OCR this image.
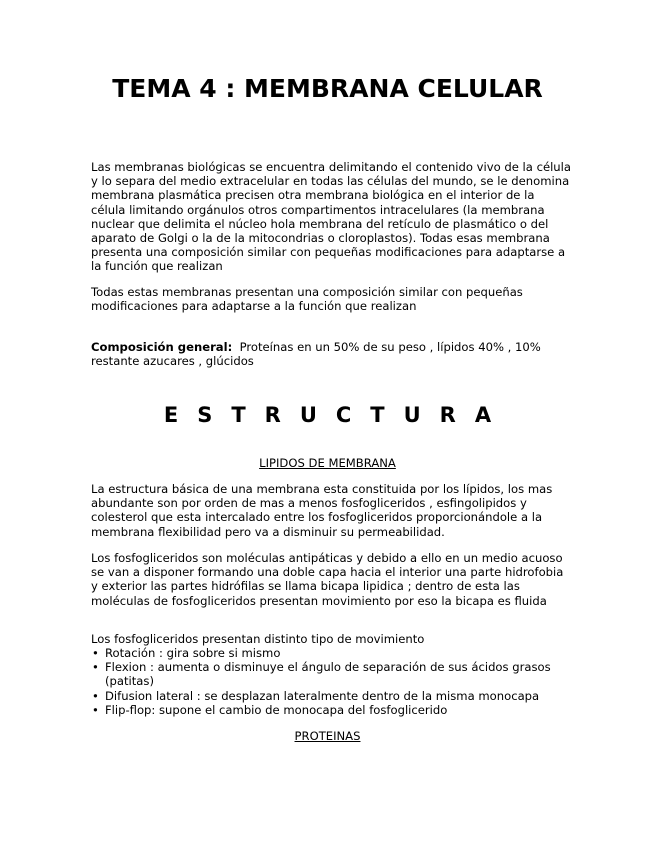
TEMA 4 : MEMBRANA CELULAR
Las membranas biológicas se encuentra delimitando el contenido vivo de la célula y lo separa del medio extracelular en todas las células del mundo, se le denomina membrana plasmática precisen otra membrana biológica en el interior de la célula limitando orgánulos otros compartimentos intracelulares (la membrana nuclear que delimita el núcleo hola membrana del retículo de plasmático o del aparato de Golgi o la de la mitocondrias o cloroplastos). Todas esas membrana presenta una composición similar con pequeñas modificaciones para adaptarse a la función que realizan
Todas estas membranas presentan una composición similar con pequeñas modificaciones para adaptarse a la función que realizan
Composición general: Proteínas en un 50% de su peso , lípidos 40% , 10% restante azucares , glúcidos
ESTRUCTURA
LIPIDOS DE MEMBRANA
La estructura básica de una membrana esta constituida por los lípidos, los mas abundante son por orden de mas a menos fosfogliceridos , esfingolipidos y colesterol que esta intercalado entre los fosfogliceridos proporcionándole a la membrana flexibilidad pero va a disminuir su permeabilidad.
Los fosfogliceridos son moléculas antipáticas y debido a ello en un medio acuoso se van a disponer formando una doble capa hacia el interior una parte hidrofobia y exterior las partes hidrófilas se llama bicapa lipidica ; dentro de esta las moléculas de fosfogliceridos presentan movimiento por eso la bicapa es fluida
Los fosfogliceridos presentan distinto tipo de movimiento
• Rotación : gira sobre si mismo
• Flexion : aumenta o disminuye el ángulo de separación de sus ácidos grasos (patitas)
• Difusion lateral : se desplazan lateralmente dentro de la misma monocapa
• Flip-flop: supone el cambio de monocapa del fosfoglicerido
PROTEINAS
